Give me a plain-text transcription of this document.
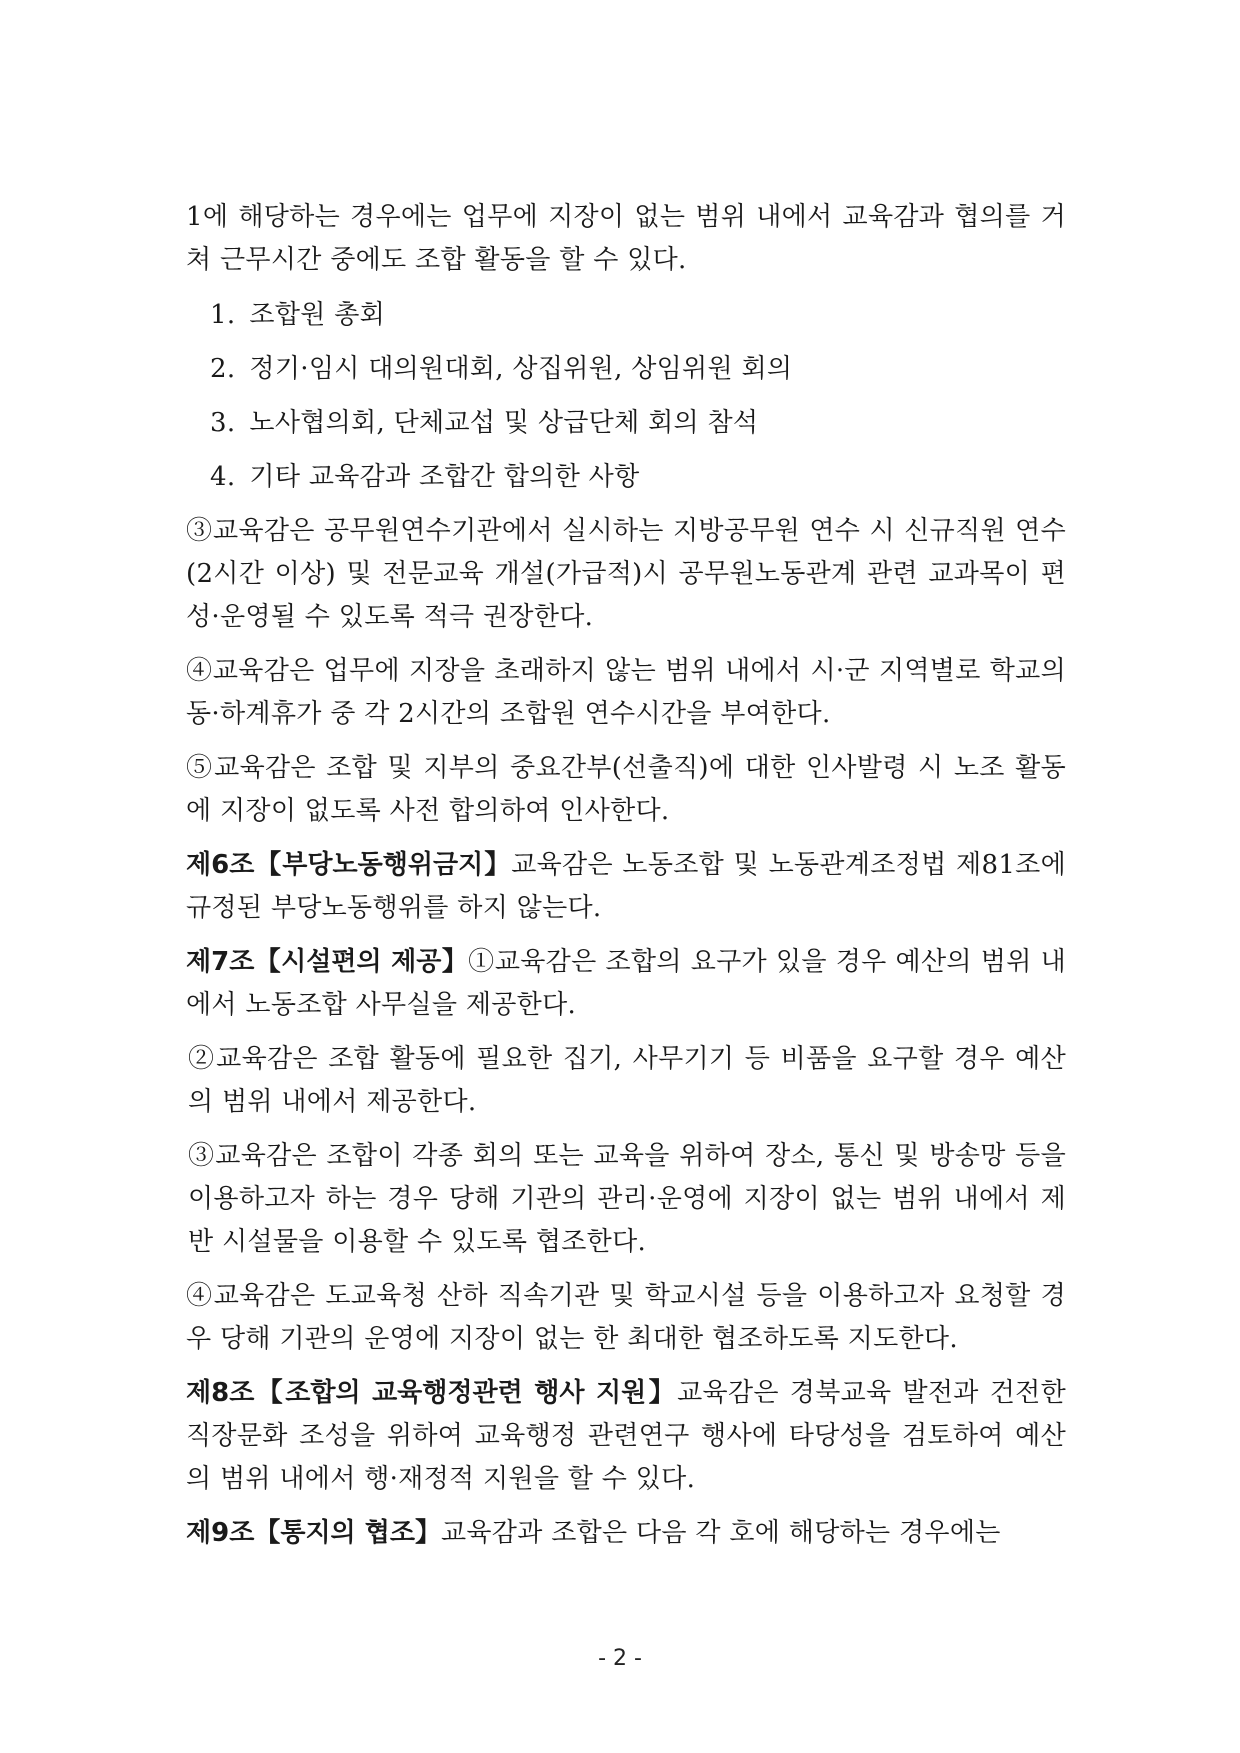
1에 해당하는 경우에는 업무에 지장이 없는 범위 내에서 교육감과 협의를 거쳐 근무시간 중에도 조합 활동을 할 수 있다.

1. 조합원 총회
2. 정기·임시 대의원대회, 상집위원, 상임위원 회의
3. 노사협의회, 단체교섭 및 상급단체 회의 참석
4. 기타 교육감과 조합간 합의한 사항

③교육감은 공무원연수기관에서 실시하는 지방공무원 연수 시 신규직원 연수(2시간 이상) 및 전문교육 개설(가급적)시 공무원노동관계 관련 교과목이 편성·운영될 수 있도록 적극 권장한다.

④교육감은 업무에 지장을 초래하지 않는 범위 내에서 시·군 지역별로 학교의 동·하계휴가 중 각 2시간의 조합원 연수시간을 부여한다.

⑤교육감은 조합 및 지부의 중요간부(선출직)에 대한 인사발령 시 노조 활동에 지장이 없도록 사전 합의하여 인사한다.

제6조【부당노동행위금지】교육감은 노동조합 및 노동관계조정법 제81조에 규정된 부당노동행위를 하지 않는다.

제7조【시설편의 제공】①교육감은 조합의 요구가 있을 경우 예산의 범위 내에서 노동조합 사무실을 제공한다.

②교육감은 조합 활동에 필요한 집기, 사무기기 등 비품을 요구할 경우 예산의 범위 내에서 제공한다.

③교육감은 조합이 각종 회의 또는 교육을 위하여 장소, 통신 및 방송망 등을 이용하고자 하는 경우 당해 기관의 관리·운영에 지장이 없는 범위 내에서 제반 시설물을 이용할 수 있도록 협조한다.

④교육감은 도교육청 산하 직속기관 및 학교시설 등을 이용하고자 요청할 경우 당해 기관의 운영에 지장이 없는 한 최대한 협조하도록 지도한다.

제8조【조합의 교육행정관련 행사 지원】교육감은 경북교육 발전과 건전한 직장문화 조성을 위하여 교육행정 관련연구 행사에 타당성을 검토하여 예산의 범위 내에서 행·재정적 지원을 할 수 있다.

제9조【통지의 협조】교육감과 조합은 다음 각 호에 해당하는 경우에는

- 2 -
